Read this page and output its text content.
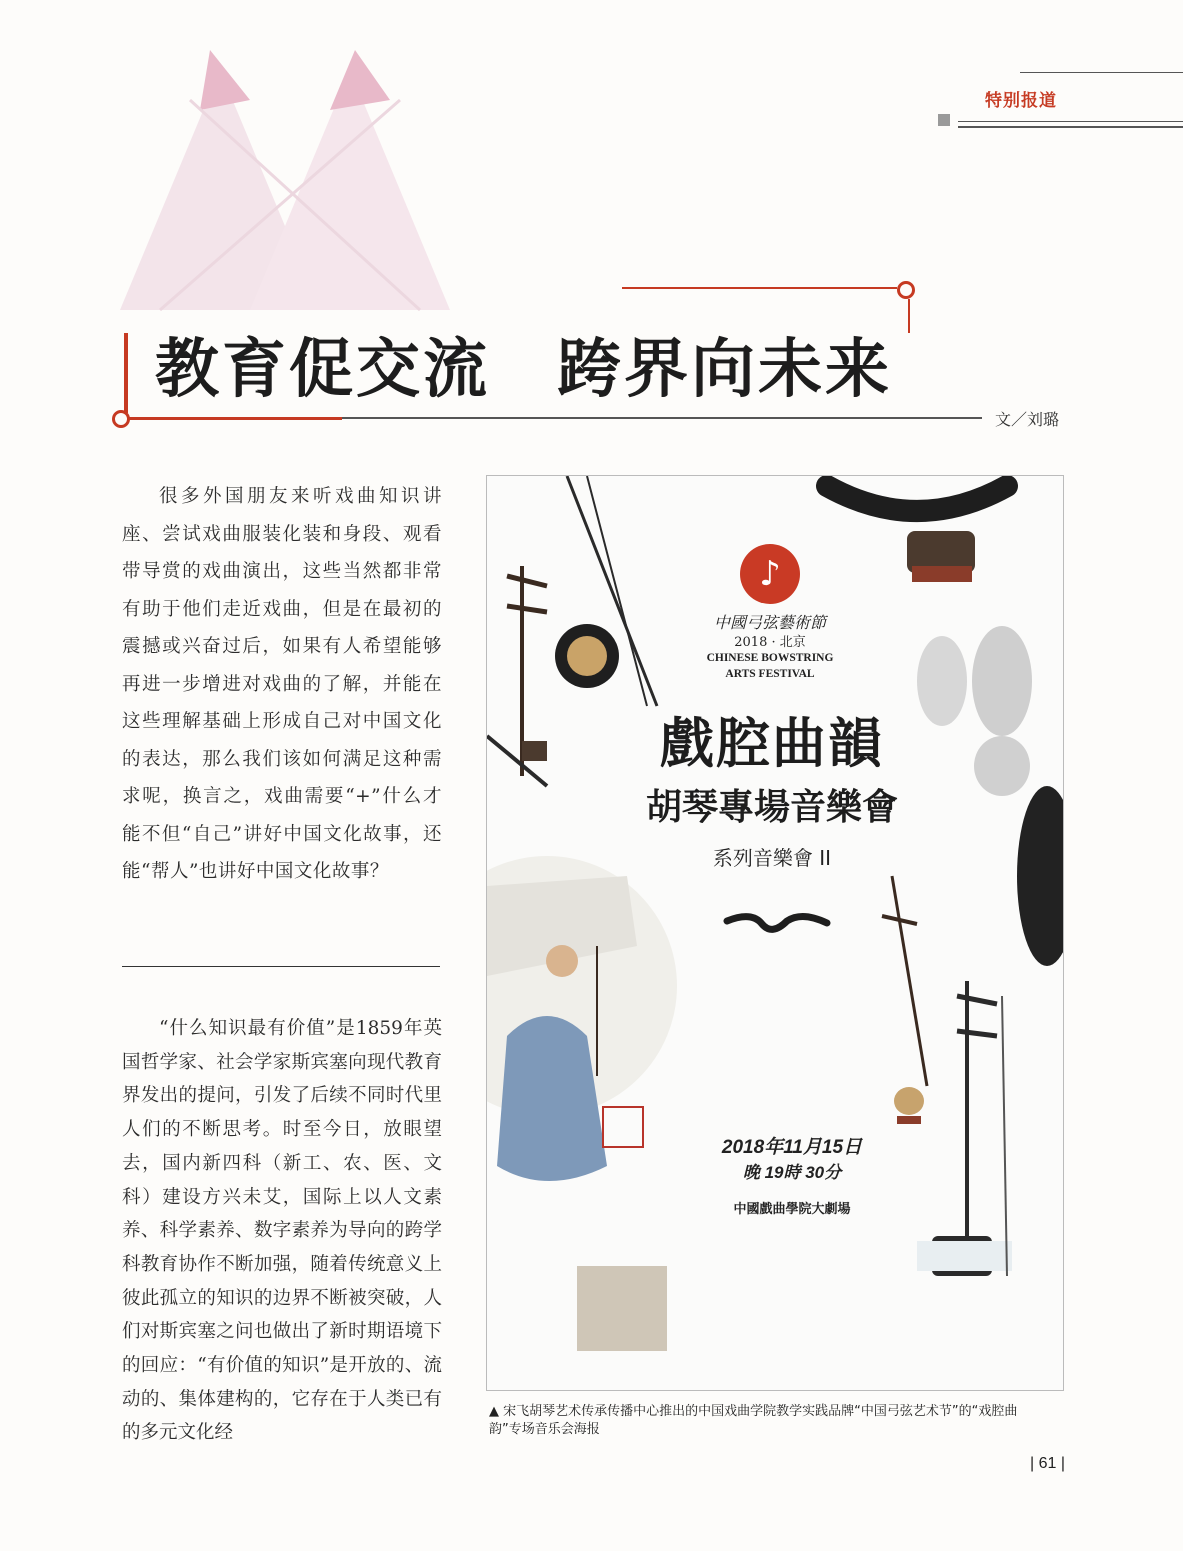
特别报道
教育促交流　跨界向未来
文／刘璐
很多外国朋友来听戏曲知识讲座、尝试戏曲服装化装和身段、观看带导赏的戏曲演出，这些当然都非常有助于他们走近戏曲，但是在最初的震撼或兴奋过后，如果有人希望能够再进一步增进对戏曲的了解，并能在这些理解基础上形成自己对中国文化的表达，那么我们该如何满足这种需求呢，换言之，戏曲需要“+”什么才能不但“自己”讲好中国文化故事，还能“帮人”也讲好中国文化故事？
“什么知识最有价值”是1859年英国哲学家、社会学家斯宾塞向现代教育界发出的提问，引发了后续不同时代里人们的不断思考。时至今日，放眼望去，国内新四科（新工、农、医、文科）建设方兴未艾，国际上以人文素养、科学素养、数字素养为导向的跨学科教育协作不断加强，随着传统意义上彼此孤立的知识的边界不断被突破，人们对斯宾塞之问也做出了新时期语境下的回应：“有价值的知识”是开放的、流动的、集体建构的，它存在于人类已有的多元文化经
♪
中國弓弦藝術節
2018 · 北京
CHINESE BOWSTRING
ARTS FESTIVAL
戲腔曲韻
胡琴專場音樂會
系列音樂會 II
2018年11月15日
晚 19時 30分
中國戲曲學院大劇場
▲ 宋飞胡琴艺术传承传播中心推出的中国戏曲学院教学实践品牌“中国弓弦艺术节”的“戏腔曲韵”专场音乐会海报
| 61 |
